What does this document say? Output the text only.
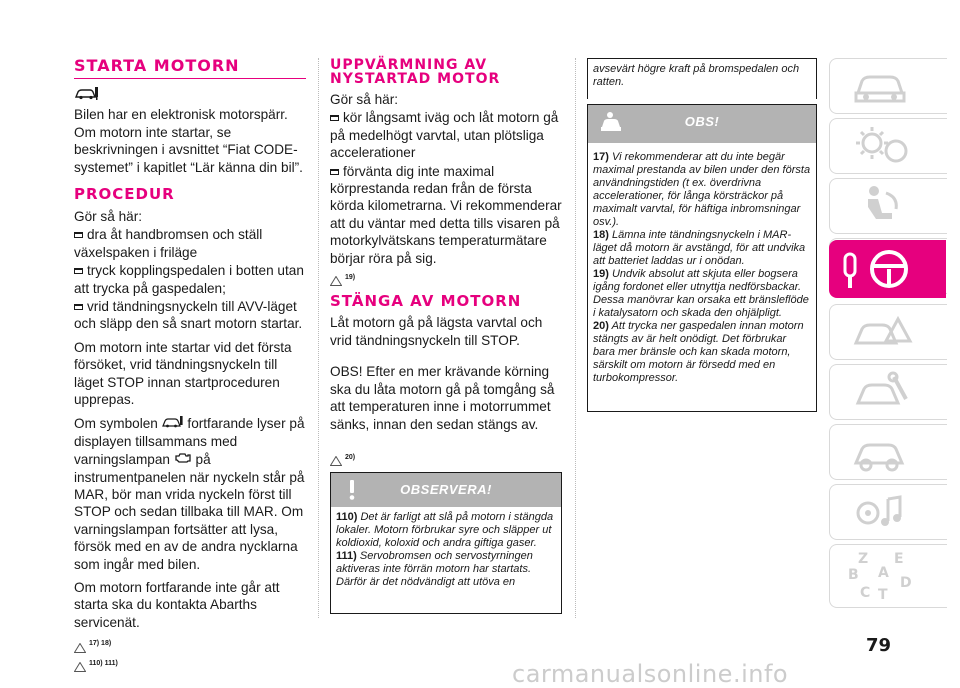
STARTA MOTORN

Bilen har en elektronisk motorspärr. Om motorn inte startar, se beskrivningen i avsnittet “Fiat CODE-systemet” i kapitlet “Lär känna din bil”.

PROCEDUR

Gör så här:

dra åt handbromsen och ställ växelspaken i friläge

tryck kopplingspedalen i botten utan att trycka på gaspedalen;

vrid tändningsnyckeln till AVV-läget och släpp den så snart motorn startar.

Om motorn inte startar vid det första försöket, vrid tändningsnyckeln till läget STOP innan startproceduren upprepas.

Om symbolen fortfarande lyser på displayen tillsammans med varningslampan på instrumentpanelen när nyckeln står på MAR, bör man vrida nyckeln först till STOP och sedan tillbaka till MAR. Om varningslampan fortsätter att lysa, försök med en av de andra nycklarna som ingår med bilen.

Om motorn fortfarande inte går att starta ska du kontakta Abarths servicenät.

17) 18)
110) 111)
UPPVÄRMNING AV
NYSTARTAD MOTOR

Gör så här:

kör långsamt iväg och låt motorn gå på medelhögt varvtal, utan plötsliga accelerationer

förvänta dig inte maximal körprestanda redan från de första körda kilometrarna. Vi rekommenderar att du väntar med detta tills visaren på motorkylvätskans temperaturmätare börjar röra på sig.

19)
STÄNGA AV MOTORN

Låt motorn gå på lägsta varvtal och vrid tändningsnyckeln till STOP.

OBS! Efter en mer krävande körning ska du låta motorn gå på tomgång så att temperaturen inne i motorrummet sänks, innan den sedan stängs av.

20)
OBSERVERA!
110) Det är farligt att slå på motorn i stängda lokaler. Motorn förbrukar syre och släpper ut koldioxid, koloxid och andra giftiga gaser.
111) Servobromsen och servostyrningen aktiveras inte förrän motorn har startats. Därför är det nödvändigt att utöva en
avsevärt högre kraft på bromspedalen och ratten.
OBS!
17) Vi rekommenderar att du inte begär maximal prestanda av bilen under den första användningstiden (t ex. överdrivna accelerationer, för långa körsträckor på maximalt varvtal, för häftiga inbromsningar osv.).
18) Lämna inte tändningsnyckeln i MAR-läget då motorn är avstängd, för att undvika att batteriet laddas ur i onödan.
19) Undvik absolut att skjuta eller bogsera igång fordonet eller utnyttja nedförsbackar. Dessa manövrar kan orsaka ett bränsleflöde i katalysatorn och skada den ohjälpligt.
20) Att trycka ner gaspedalen innan motorn stängts av är helt onödigt. Det förbrukar bara mer bränsle och kan skada motorn, särskilt om motorn är försedd med en turbokompressor.
Z E
A
B
C T
D
79
carmanualsonline.info
